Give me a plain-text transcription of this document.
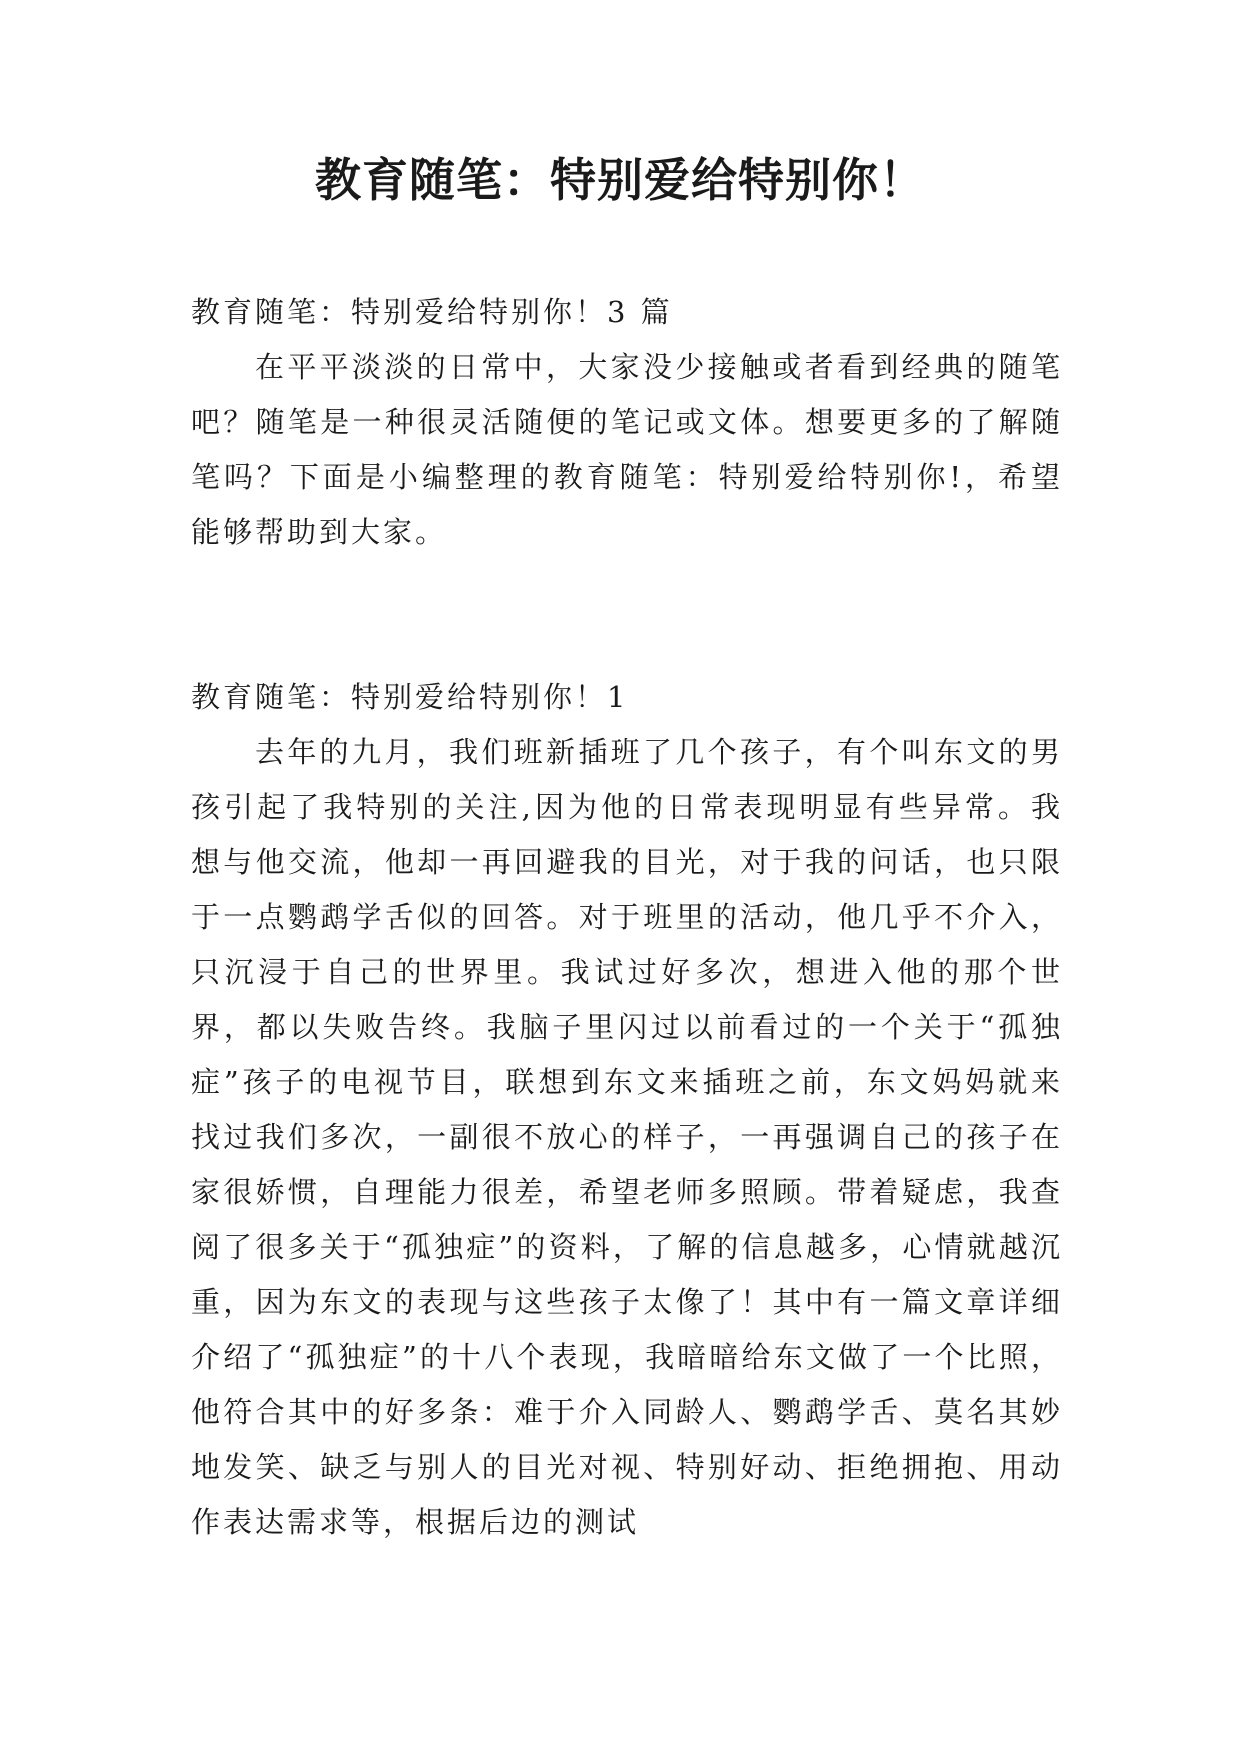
教育随笔：特别爱给特别你！

教育随笔：特别爱给特别你！3 篇

在平平淡淡的日常中，大家没少接触或者看到经典的随笔吧？随笔是一种很灵活随便的笔记或文体。想要更多的了解随笔吗？下面是小编整理的教育随笔：特别爱给特别你!，希望能够帮助到大家。

教育随笔：特别爱给特别你！1

去年的九月，我们班新插班了几个孩子，有个叫东文的男孩引起了我特别的关注,因为他的日常表现明显有些异常。我想与他交流，他却一再回避我的目光，对于我的问话，也只限于一点鹦鹉学舌似的回答。对于班里的活动，他几乎不介入，只沉浸于自己的世界里。我试过好多次，想进入他的那个世界，都以失败告终。我脑子里闪过以前看过的一个关于“孤独症”孩子的电视节目，联想到东文来插班之前，东文妈妈就来找过我们多次，一副很不放心的样子，一再强调自己的孩子在家很娇惯，自理能力很差，希望老师多照顾。带着疑虑，我查阅了很多关于“孤独症”的资料，了解的信息越多，心情就越沉重，因为东文的表现与这些孩子太像了！其中有一篇文章详细介绍了“孤独症”的十八个表现，我暗暗给东文做了一个比照，他符合其中的好多条：难于介入同龄人、鹦鹉学舌、莫名其妙地发笑、缺乏与别人的目光对视、特别好动、拒绝拥抱、用动作表达需求等，根据后边的测试
